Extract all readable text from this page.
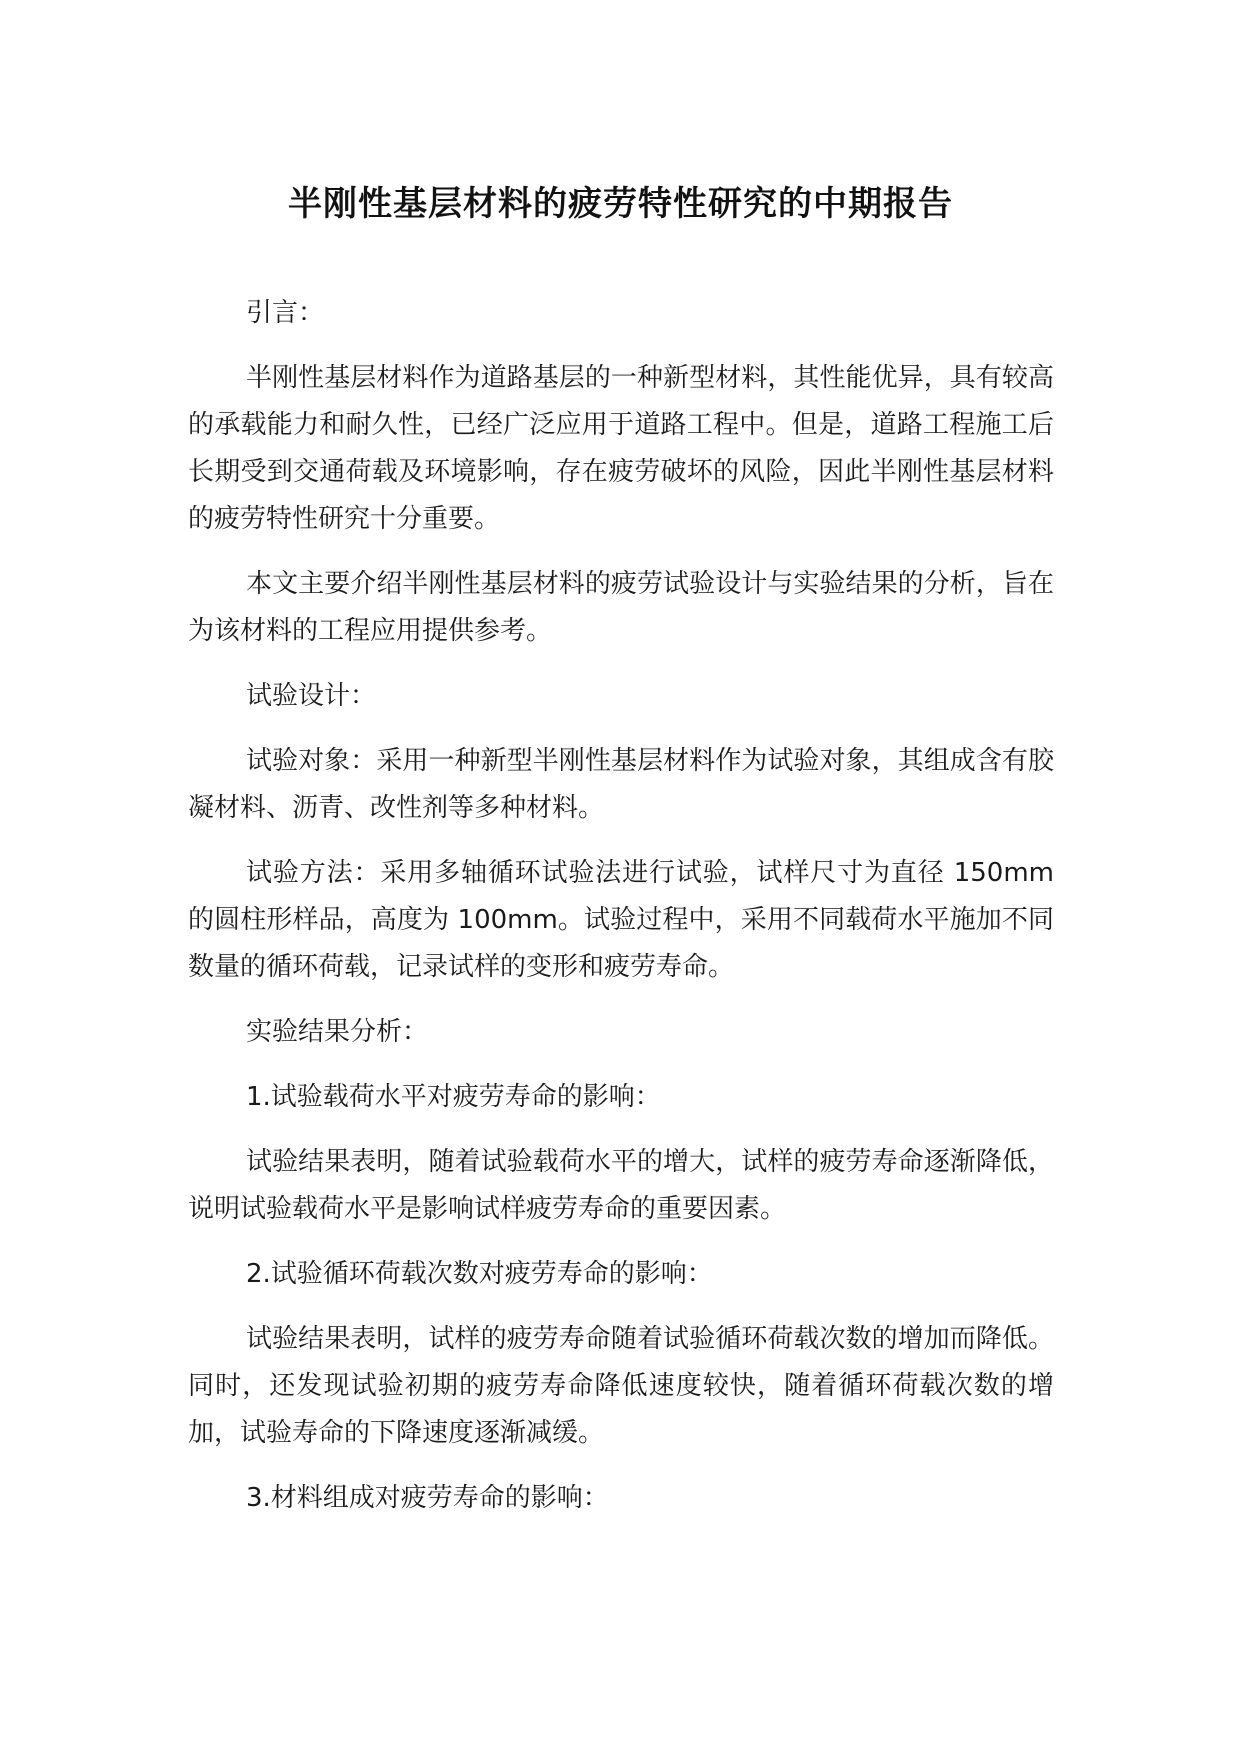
半刚性基层材料的疲劳特性研究的中期报告

引言：

半刚性基层材料作为道路基层的一种新型材料，其性能优异，具有较高的承载能力和耐久性，已经广泛应用于道路工程中。但是，道路工程施工后长期受到交通荷载及环境影响，存在疲劳破坏的风险，因此半刚性基层材料的疲劳特性研究十分重要。

本文主要介绍半刚性基层材料的疲劳试验设计与实验结果的分析，旨在为该材料的工程应用提供参考。

试验设计：

试验对象：采用一种新型半刚性基层材料作为试验对象，其组成含有胶凝材料、沥青、改性剂等多种材料。

试验方法：采用多轴循环试验法进行试验，试样尺寸为直径 150mm 的圆柱形样品，高度为 100mm。试验过程中，采用不同载荷水平施加不同数量的循环荷载，记录试样的变形和疲劳寿命。

实验结果分析：

1.试验载荷水平对疲劳寿命的影响：

试验结果表明，随着试验载荷水平的增大，试样的疲劳寿命逐渐降低，说明试验载荷水平是影响试样疲劳寿命的重要因素。

2.试验循环荷载次数对疲劳寿命的影响：

试验结果表明，试样的疲劳寿命随着试验循环荷载次数的增加而降低。同时，还发现试验初期的疲劳寿命降低速度较快，随着循环荷载次数的增加，试验寿命的下降速度逐渐减缓。

3.材料组成对疲劳寿命的影响：
